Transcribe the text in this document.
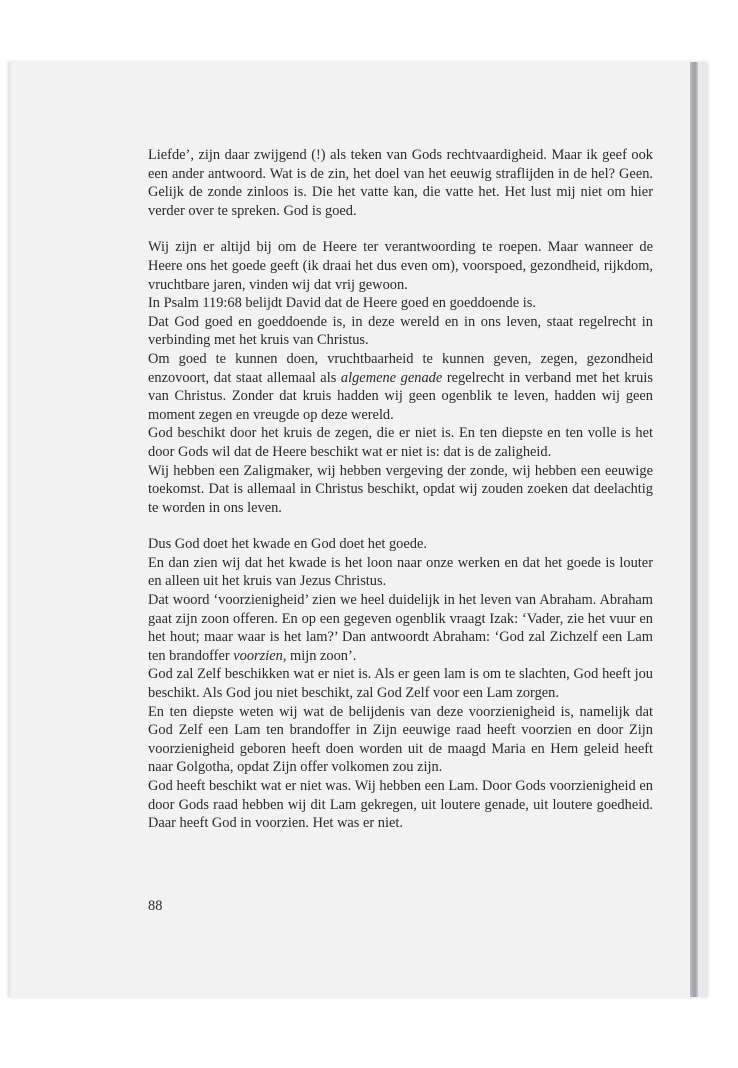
Liefde’, zijn daar zwijgend (!) als teken van Gods rechtvaardigheid. Maar ik geef ook een ander antwoord. Wat is de zin, het doel van het eeuwig straflijden in de hel? Geen. Gelijk de zonde zinloos is. Die het vatte kan, die vatte het. Het lust mij niet om hier verder over te spreken. God is goed.

Wij zijn er altijd bij om de Heere ter verantwoording te roepen. Maar wanneer de Heere ons het goede geeft (ik draai het dus even om), voorspoed, gezondheid, rijkdom, vruchtbare jaren, vinden wij dat vrij gewoon.

In Psalm 119:68 belijdt David dat de Heere goed en goeddoende is.

Dat God goed en goeddoende is, in deze wereld en in ons leven, staat regelrecht in verbinding met het kruis van Christus.

Om goed te kunnen doen, vruchtbaarheid te kunnen geven, zegen, gezondheid enzovoort, dat staat allemaal als algemene genade regelrecht in verband met het kruis van Christus. Zonder dat kruis hadden wij geen ogenblik te leven, hadden wij geen moment zegen en vreugde op deze wereld.

God beschikt door het kruis de zegen, die er niet is. En ten diepste en ten volle is het door Gods wil dat de Heere beschikt wat er niet is: dat is de zaligheid.

Wij hebben een Zaligmaker, wij hebben vergeving der zonde, wij hebben een eeuwige toekomst. Dat is allemaal in Christus beschikt, opdat wij zouden zoeken dat deelachtig te worden in ons leven.

Dus God doet het kwade en God doet het goede.

En dan zien wij dat het kwade is het loon naar onze werken en dat het goede is louter en alleen uit het kruis van Jezus Christus.

Dat woord ‘voorzienigheid’ zien we heel duidelijk in het leven van Abraham. Abraham gaat zijn zoon offeren. En op een gegeven ogenblik vraagt Izak: ‘Vader, zie het vuur en het hout; maar waar is het lam?’ Dan antwoordt Abraham: ‘God zal Zichzelf een Lam ten brandoffer voorzien, mijn zoon’.

God zal Zelf beschikken wat er niet is. Als er geen lam is om te slachten, God heeft jou beschikt. Als God jou niet beschikt, zal God Zelf voor een Lam zorgen.

En ten diepste weten wij wat de belijdenis van deze voorzienigheid is, namelijk dat God Zelf een Lam ten brandoffer in Zijn eeuwige raad heeft voorzien en door Zijn voorzienigheid geboren heeft doen worden uit de maagd Maria en Hem geleid heeft naar Golgotha, opdat Zijn offer volkomen zou zijn.

God heeft beschikt wat er niet was. Wij hebben een Lam. Door Gods voorzienigheid en door Gods raad hebben wij dit Lam gekregen, uit loutere genade, uit loutere goedheid. Daar heeft God in voorzien. Het was er niet.

88
